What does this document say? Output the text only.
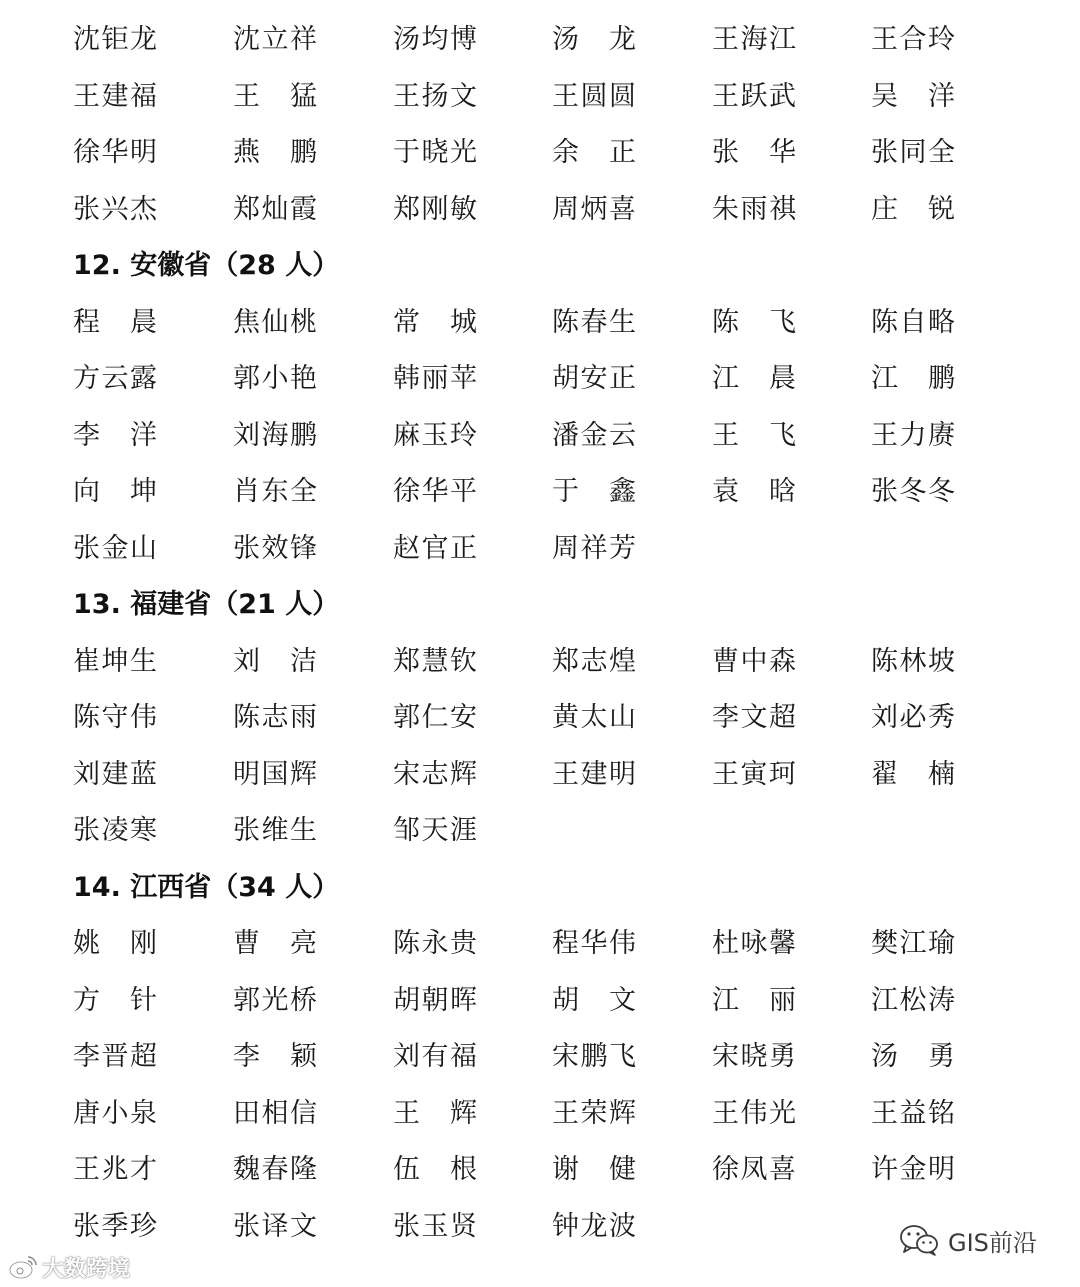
沈 钜 龙	沈 立 祥	汤 均 博	汤 龙	王 海 江	王 合 玲
王 建 福	王 猛	王 扬 文	王 圆 圆	王 跃 武	吴 洋
徐 华 明	燕 鹏	于 晓 光	余 正	张 华	张 同 全
张 兴 杰	郑 灿 霞	郑 刚 敏	周 炳 喜	朱 雨 祺	庄 锐
12. 安徽省（28 人）
程 晨	焦 仙 桃	常 城	陈 春 生	陈 飞	陈 自 略
方 云 露	郭 小 艳	韩 丽 苹	胡 安 正	江 晨	江 鹏
李 洋	刘 海 鹏	麻 玉 玲	潘 金 云	王 飞	王 力 赓
向 坤	肖 东 全	徐 华 平	于 鑫	袁 晗	张 冬 冬
张 金 山	张 效 锋	赵 官 正	周 祥 芳
13. 福建省（21 人）
崔 坤 生	刘 洁	郑 慧 钦	郑 志 煌	曹 中 森	陈 林 坡
陈 守 伟	陈 志 雨	郭 仁 安	黄 太 山	李 文 超	刘 必 秀
刘 建 蓝	明 国 辉	宋 志 辉	王 建 明	王 寅 珂	翟 楠
张 凌 寒	张 维 生	邹 天 涯
14. 江西省（34 人）
姚 刚	曹 亮	陈 永 贵	程 华 伟	杜 咏 馨	樊 江 瑜
方 针	郭 光 桥	胡 朝 晖	胡 文	江 丽	江 松 涛
李 晋 超	李 颖	刘 有 福	宋 鹏 飞	宋 晓 勇	汤 勇
唐 小 泉	田 相 信	王 辉	王 荣 辉	王 伟 光	王 益 铭
王 兆 才	魏 春 隆	伍 根	谢 健	徐 凤 喜	许 金 明
张 季 珍	张 译 文	张 玉 贤	钟 龙 波
大数跨境
GIS前沿
